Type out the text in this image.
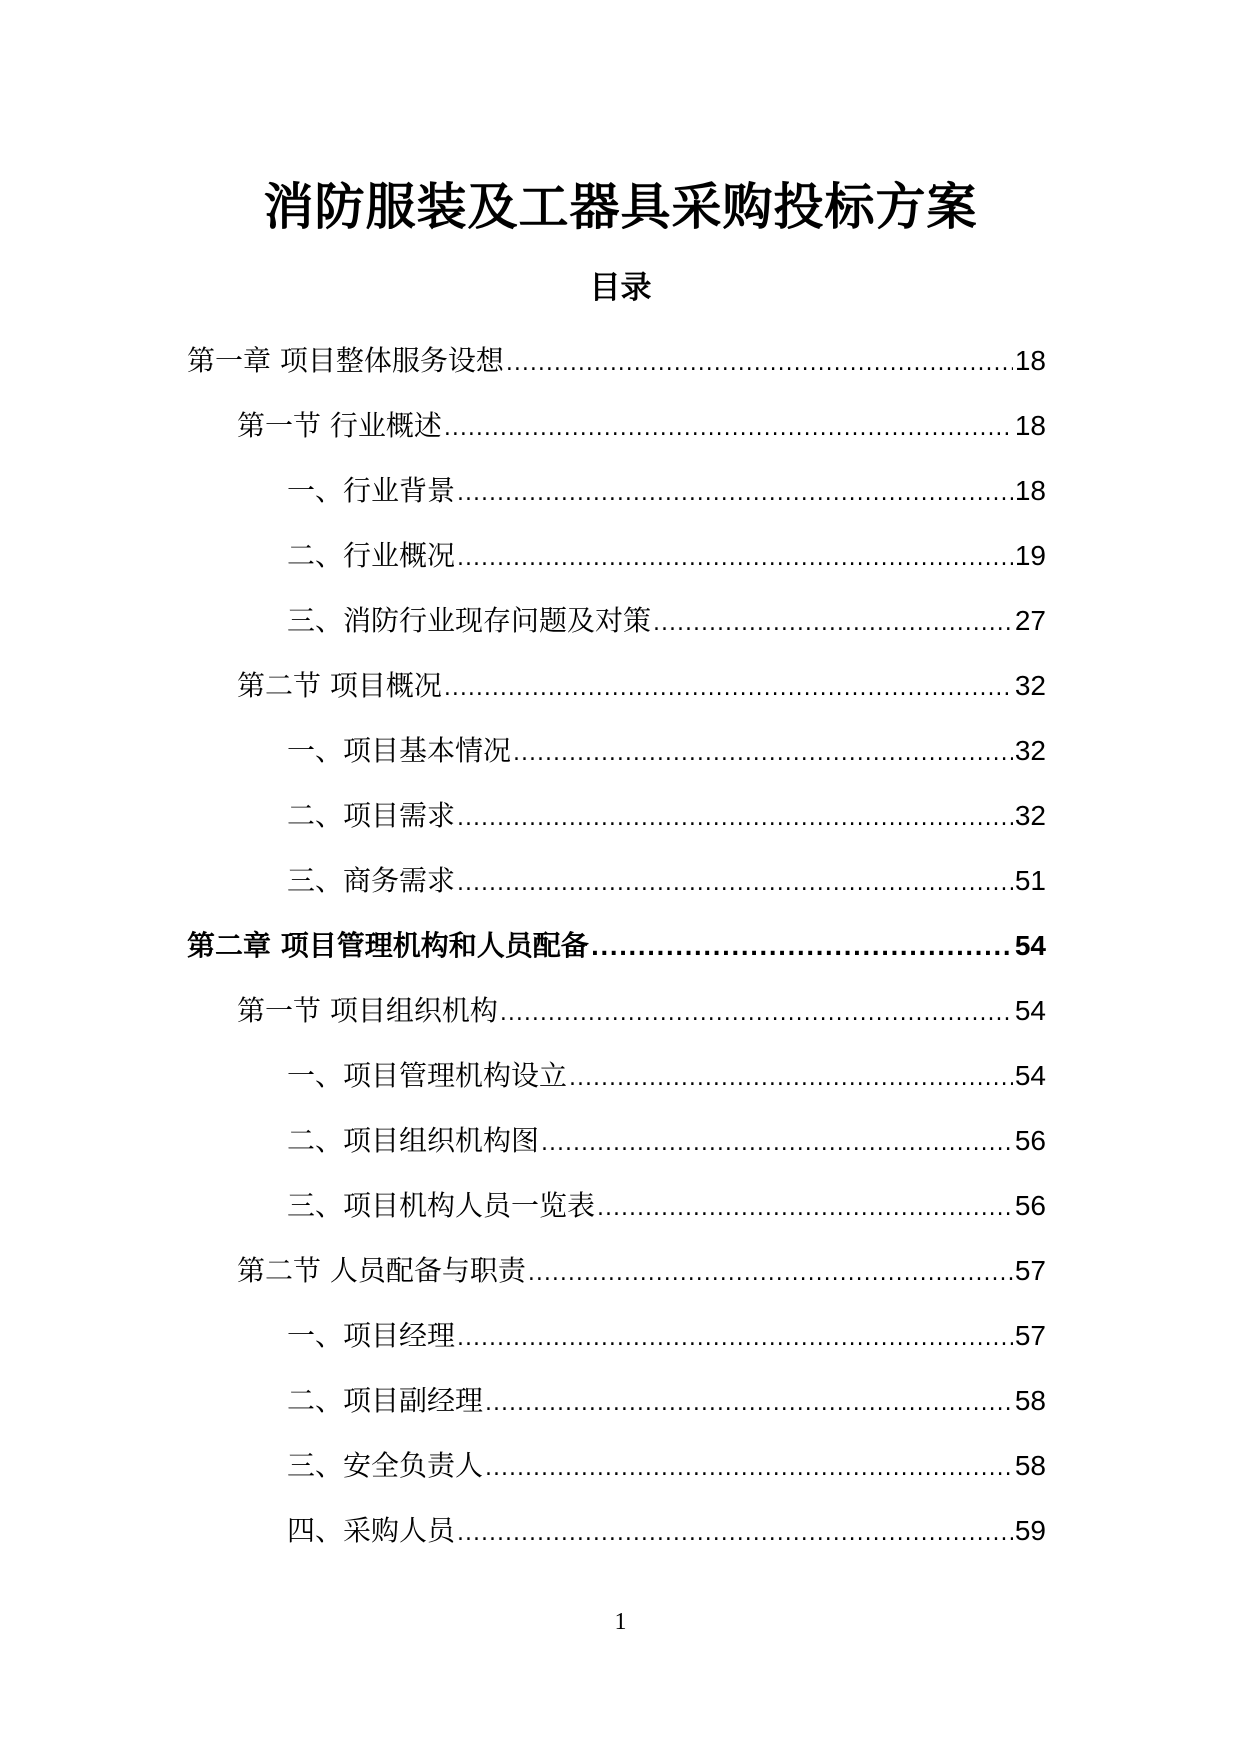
消防服装及工器具采购投标方案
目录
第一章 项目整体服务设想 .....	18
第一节 行业概述 .....	18
一、行业背景 .....	18
二、行业概况 .....	19
三、消防行业现存问题及对策 .....	27
第二节 项目概况 .....	32
一、项目基本情况 .....	32
二、项目需求 .....	32
三、商务需求 .....	51
第二章 项目管理机构和人员配备 .....	54
第一节 项目组织机构 .....	54
一、项目管理机构设立 .....	54
二、项目组织机构图 .....	56
三、项目机构人员一览表 .....	56
第二节 人员配备与职责 .....	57
一、项目经理 .....	57
二、项目副经理 .....	58
三、安全负责人 .....	58
四、采购人员 .....	59
1
